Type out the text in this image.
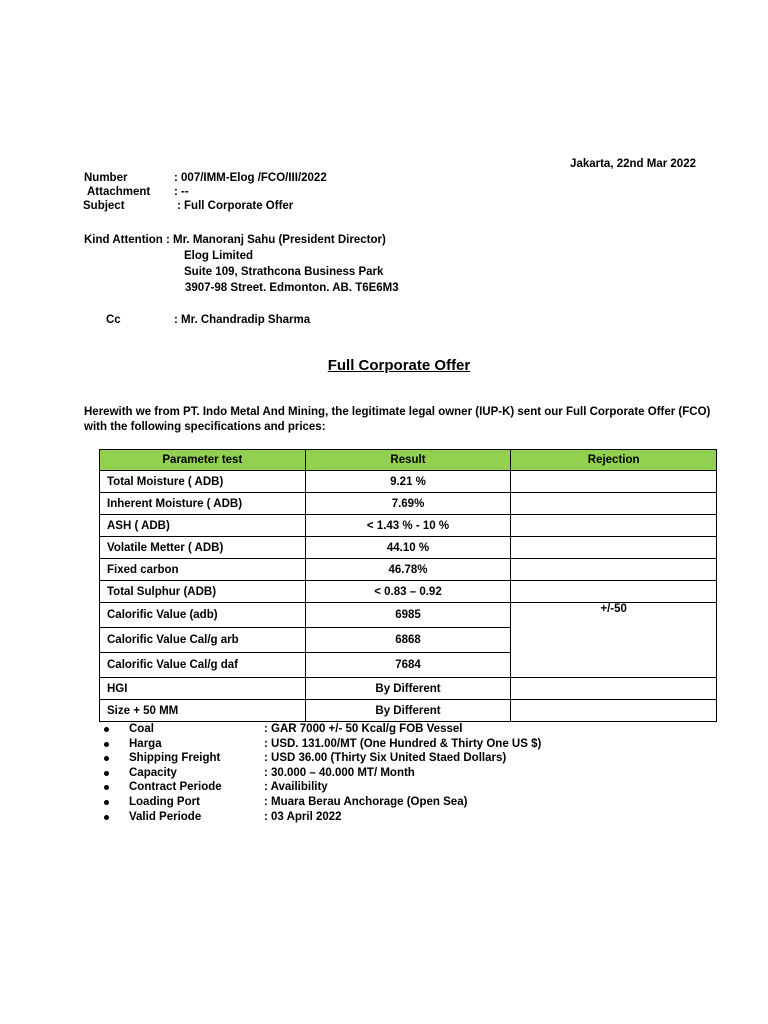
Jakarta, 22nd Mar 2022
Number	: 007/IMM-Elog /FCO/III/2022
Attachment : --
Subject	: Full Corporate Offer
Kind Attention : Mr. Manoranj Sahu (President Director)
Elog Limited
Suite 109, Strathcona Business Park
3907-98 Street. Edmonton. AB. T6E6M3
Cc	: Mr. Chandradip Sharma
Full Corporate Offer
Herewith we from PT. Indo Metal And Mining, the legitimate legal owner (IUP-K) sent our Full Corporate Offer (FCO) with the following specifications and prices:
Parameter test	Result	Rejection
Total Moisture ( ADB)	9.21 %	
Inherent Moisture ( ADB)	7.69%	
ASH ( ADB)	< 1.43 % - 10 %	
Volatile Metter ( ADB)	44.10 %	
Fixed carbon	46.78%	
Total Sulphur (ADB)	< 0.83 – 0.92	
Calorific Value (adb)	6985	+/-50
Calorific Value Cal/g arb	6868	
Calorific Value Cal/g daf	7684	
HGI	By Different	
Size + 50 MM	By Different	
Coal	: GAR 7000 +/- 50 Kcal/g FOB Vessel
Harga	: USD. 131.00/MT (One Hundred & Thirty One US $)
Shipping Freight	: USD 36.00 (Thirty Six United Staed Dollars)
Capacity	: 30.000 – 40.000 MT/ Month
Contract Periode	: Availibility
Loading Port	: Muara Berau Anchorage (Open Sea)
Valid Periode	: 03 April 2022
